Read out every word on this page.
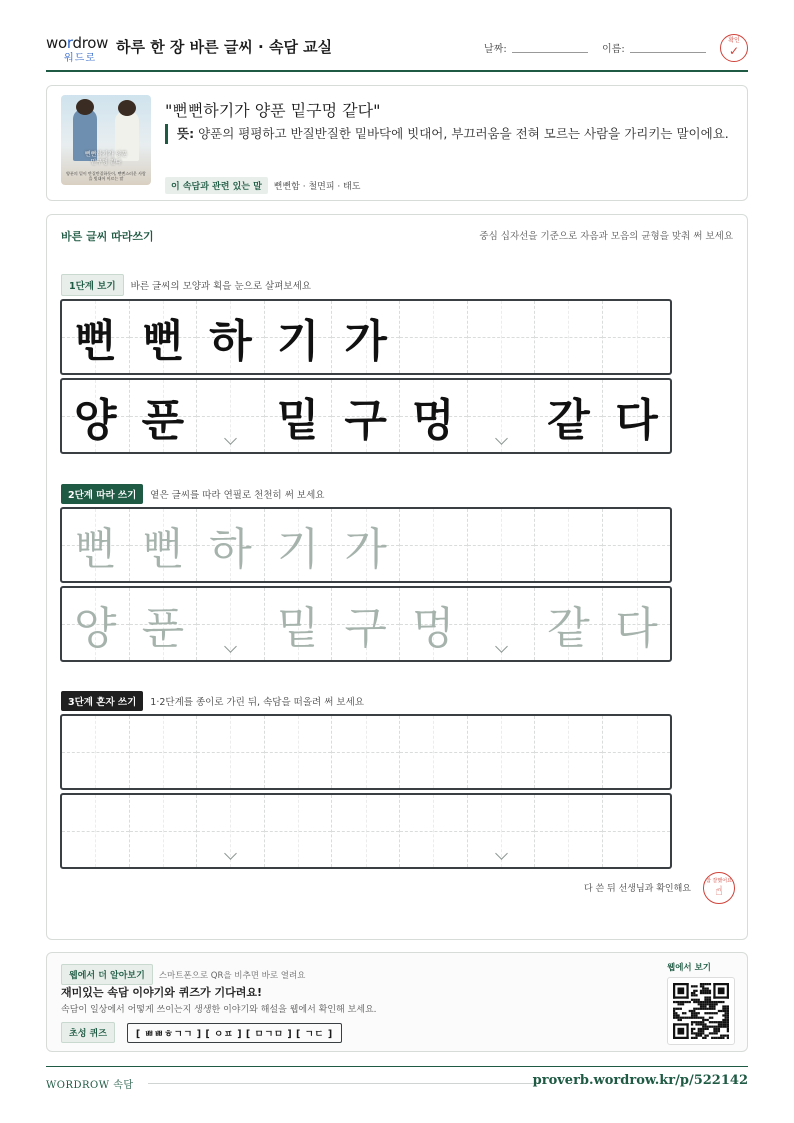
wordrow
워드로
하루 한 장 바른 글씨 · 속담 교실	날짜:	이름:
확인
✓
뻔뻔하기가 양푼
밑구멍 같다
양푼의 밑이 반질반질하듯이, 뻔뻔스러운 사람을 빗대어 이르는 말
"뻔뻔하기가 양푼 밑구멍 같다"
뜻: 양푼의 평평하고 반질반질한 밑바닥에 빗대어, 부끄러움을 전혀 모르는 사람을 가리키는 말이에요.
이 속담과 관련 있는 말 뻔뻔함 · 철면피 · 태도
바른 글씨 따라쓰기	중심 십자선을 기준으로 자음과 모음의 균형을 맞춰 써 보세요
1단계 보기	바른 글씨의 모양과 획을 눈으로 살펴보세요
2단계 따라 쓰기	옅은 글씨를 따라 연필로 천천히 써 보세요
3단계 혼자 쓰기	1·2단계를 종이로 가린 뒤, 속담을 떠올려 써 보세요
다 쓴 뒤 선생님과 확인해요
참 잘했어요
☝
뻔 뻔 하 기 가
양 푼 밑 구 멍 같 다
뻔 뻔 하 기 가
양 푼 밑 구 멍 같 다
웹에서 더 알아보기 스마트폰으로 QR을 비추면 바로 열려요
재미있는 속담 이야기와 퀴즈가 기다려요!
속담이 일상에서 어떻게 쓰이는지 생생한 이야기와 해설을 웹에서 확인해 보세요.
초성 퀴즈	[ ㅃㅃㅎㄱㄱ ] [ ㅇㅍ ] [ ㅁㄱㅁ ] [ ㄱㄷ ]
웹에서 보기
WORDROW 속담	proverb.wordrow.kr/p/522142
